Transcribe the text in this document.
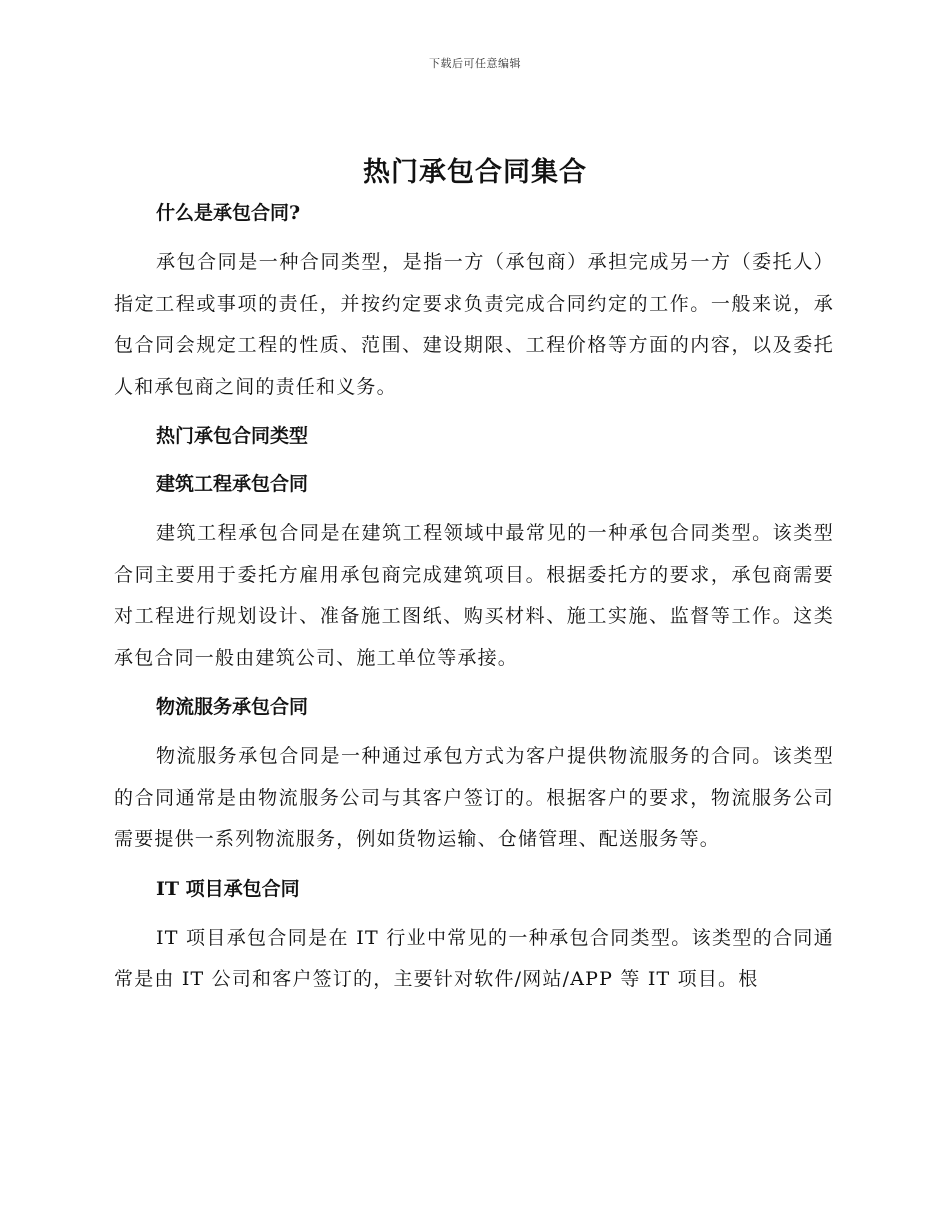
下载后可任意编辑
热门承包合同集合

什么是承包合同?

承包合同是一种合同类型，是指一方（承包商）承担完成另一方（委托人）指定工程或事项的责任，并按约定要求负责完成合同约定的工作。一般来说，承包合同会规定工程的性质、范围、建设期限、工程价格等方面的内容，以及委托人和承包商之间的责任和义务。

热门承包合同类型

建筑工程承包合同

建筑工程承包合同是在建筑工程领域中最常见的一种承包合同类型。该类型合同主要用于委托方雇用承包商完成建筑项目。根据委托方的要求，承包商需要对工程进行规划设计、准备施工图纸、购买材料、施工实施、监督等工作。这类承包合同一般由建筑公司、施工单位等承接。

物流服务承包合同

物流服务承包合同是一种通过承包方式为客户提供物流服务的合同。该类型的合同通常是由物流服务公司与其客户签订的。根据客户的要求，物流服务公司需要提供一系列物流服务，例如货物运输、仓储管理、配送服务等。

IT 项目承包合同

IT 项目承包合同是在 IT 行业中常见的一种承包合同类型。该类型的合同通常是由 IT 公司和客户签订的，主要针对软件/网站/APP 等 IT 项目。根
